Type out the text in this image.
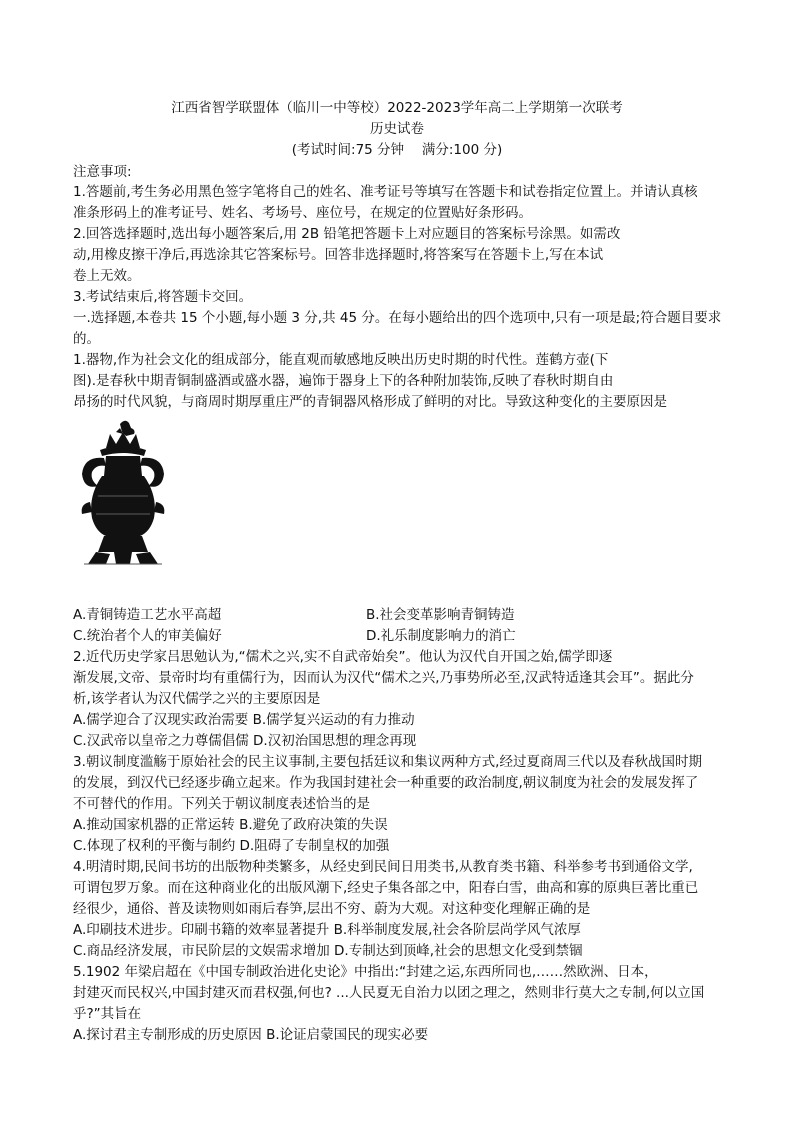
江西省智学联盟体（临川一中等校）2022-2023学年高二上学期第一次联考
历史试卷
(考试时间:75 分钟　 满分:100 分)
注意事项:
1.答题前,考生务必用黑色签字笔将自己的姓名、准考证号等填写在答题卡和试卷指定位置上。并请认真核
准条形码上的准考证号、姓名、考场号、座位号，在规定的位置贴好条形码。
2.回答选择题时,选出每小题答案后,用 2B 铅笔把答题卡上对应题目的答案标号涂黑。如需改
动,用橡皮擦干净后,再选涂其它答案标号。回答非选择题时,将答案写在答题卡上,写在本试
卷上无效。
3.考试结束后,将答题卡交回。
一.选择题,本卷共 15 个小题,每小题 3 分,共 45 分。在每小题给出的四个选项中,只有一项是最;符合题目要求
的。
1.器物,作为社会文化的组成部分，能直观而敏感地反映出历史时期的时代性。莲鹤方壶(下
图).是春秋中期青铜制盛酒或盛水器，遍饰于器身上下的各种附加装饰,反映了春秋时期自由
昂扬的时代风貌，与商周时期厚重庄严的青铜器风格形成了鲜明的对比。导致这种变化的主要原因是
A.青铜铸造工艺水平高超	B.社会变革影响青铜铸造
C.统治者个人的审美偏好	D.礼乐制度影响力的消亡
2.近代历史学家吕思勉认为,“儒术之兴,实不自武帝始矣”。他认为汉代自开国之始,儒学即逐
渐发展,文帝、景帝时均有重儒行为，因而认为汉代“儒术之兴,乃事势所必至,汉武特适逢其会耳”。据此分
析,该学者认为汉代儒学之兴的主要原因是
A.儒学迎合了汉现实政治需要 B.儒学复兴运动的有力推动
C.汉武帝以皇帝之力尊儒倡儒 D.汉初治国思想的理念再现
3.朝议制度滥觞于原始社会的民主议事制,主要包括廷议和集议两种方式,经过夏商周三代以及春秋战国时期
的发展，到汉代已经逐步确立起来。作为我国封建社会一种重要的政治制度,朝议制度为社会的发展发挥了
不可替代的作用。下列关于朝议制度表述恰当的是
A.推动国家机器的正常运转 B.避免了政府决策的失误
C.体现了权利的平衡与制约 D.阻碍了专制皇权的加强
4.明清时期,民间书坊的出版物种类繁多，从经史到民间日用类书,从教育类书籍、科举参考书到通俗文学,
可谓包罗万象。而在这种商业化的出版风潮下,经史子集各部之中，阳春白雪，曲高和寡的原典巨著比重已
经很少，通俗、普及读物则如雨后春笋,层出不穷、蔚为大观。对这种变化理解正确的是
A.印刷技术进步。印刷书籍的效率显著提升 B.科举制度发展,社会各阶层尚学风气浓厚
C.商品经济发展，市民阶层的文娱需求增加 D.专制达到顶峰,社会的思想文化受到禁锢
5.1902 年梁启超在《中国专制政治进化史论》中指出:“封建之运,东西所同也,……然欧洲、日本，
封建灭而民权兴,中国封建灭而君权强,何也? ...人民夏无自治力以团之理之，然则非行莫大之专制,何以立国
乎?”其旨在
A.探讨君主专制形成的历史原因 B.论证启蒙国民的现实必要
